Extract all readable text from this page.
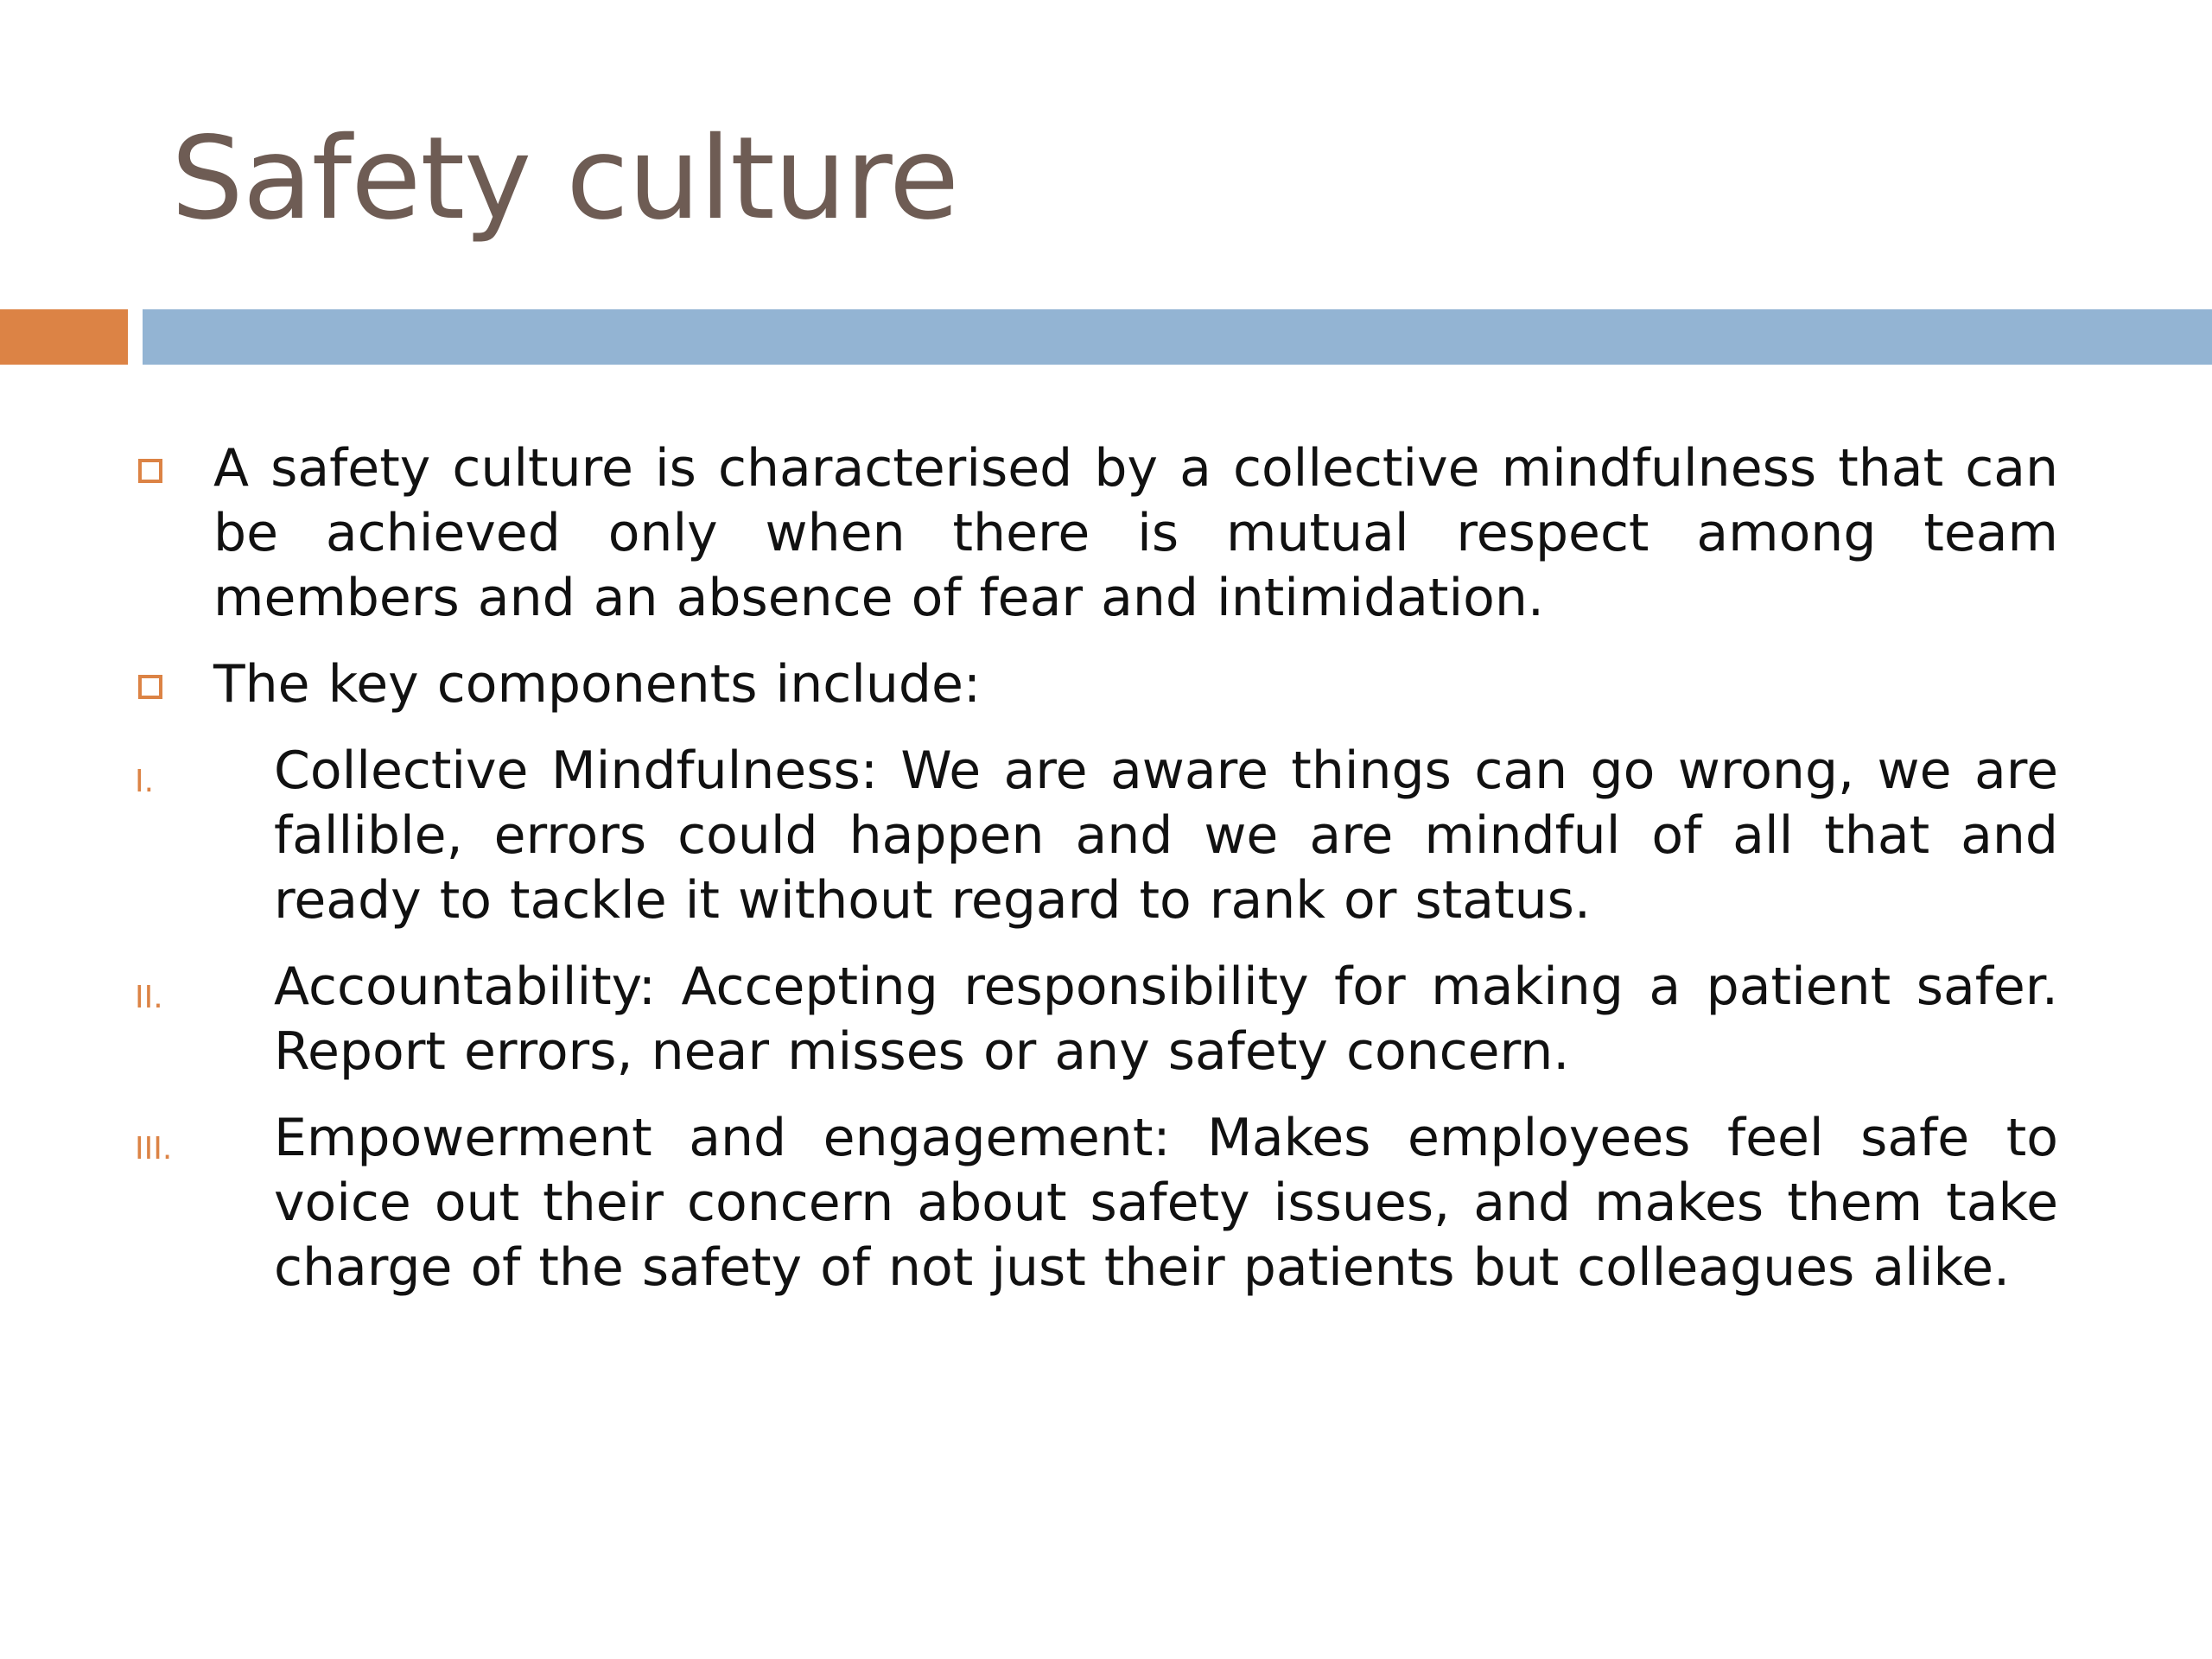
Safety culture
A safety culture is characterised by a collective mindfulness that can be achieved only when there is mutual respect among team members and an absence of fear and intimidation.
The key components include:
I. Collective Mindfulness: We are aware things can go wrong, we are fallible, errors could happen and we are mindful of all that and ready to tackle it without regard to rank or status.
II. Accountability: Accepting responsibility for making a patient safer. Report errors, near misses or any safety concern.
III. Empowerment and engagement: Makes employees feel safe to voice out their concern about safety issues, and makes them take charge of the safety of not just their patients but colleagues alike.
